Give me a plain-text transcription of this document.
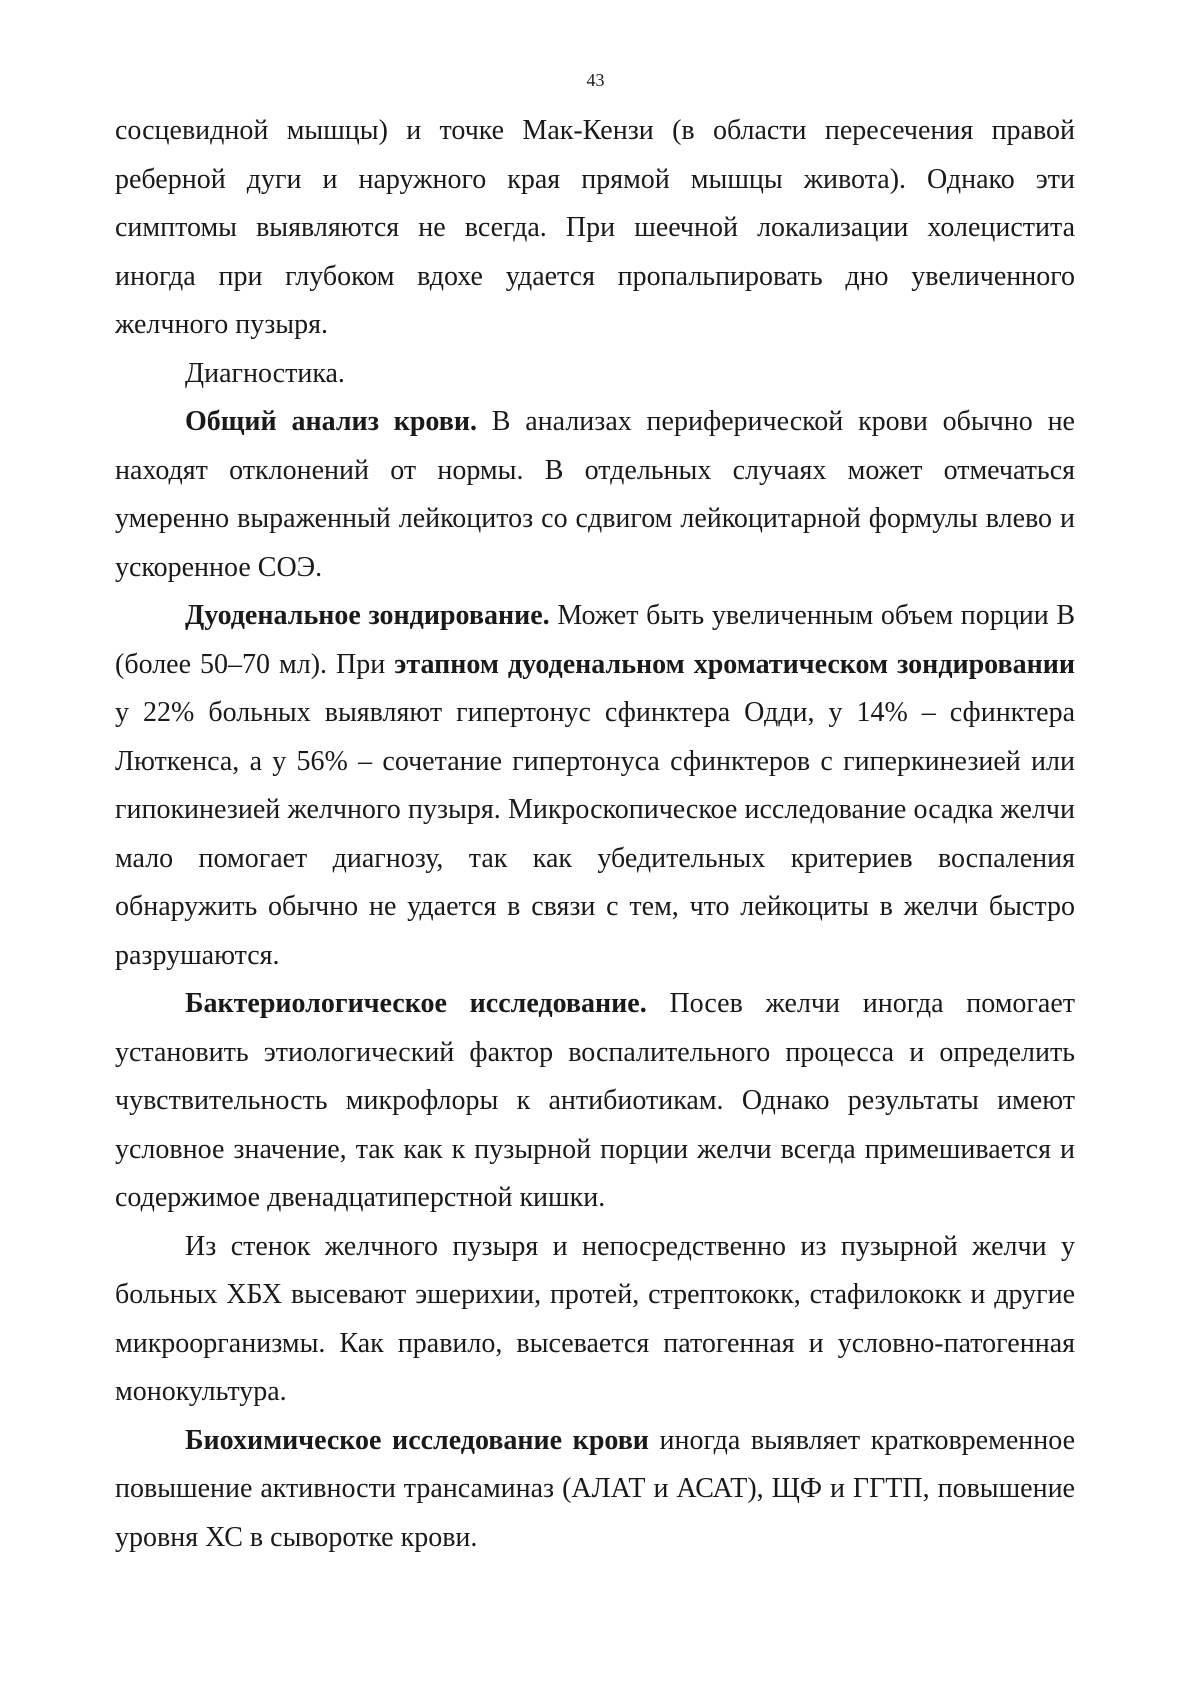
43

сосцевидной мышцы) и точке Мак-Кензи (в области пересечения правой реберной дуги и наружного края прямой мышцы живота). Однако эти симптомы выявляются не всегда. При шеечной локализации холецистита иногда при глубоком вдохе удается пропальпировать дно увеличенного желчного пузыря.

Диагностика.

Общий анализ крови. В анализах периферической крови обычно не находят отклонений от нормы. В отдельных случаях может отмечаться умеренно выраженный лейкоцитоз со сдвигом лейкоцитарной формулы влево и ускоренное СОЭ.

Дуоденальное зондирование. Может быть увеличенным объем порции В (более 50–70 мл). При этапном дуоденальном хроматическом зондировании у 22% больных выявляют гипертонус сфинктера Одди, у 14% – сфинктера Люткенса, а у 56% – сочетание гипертонуса сфинктеров с гиперкинезией или гипокинезией желчного пузыря. Микроскопическое исследование осадка желчи мало помогает диагнозу, так как убедительных критериев воспаления обнаружить обычно не удается в связи с тем, что лейкоциты в желчи быстро разрушаются.

Бактериологическое исследование. Посев желчи иногда помогает установить этиологический фактор воспалительного процесса и определить чувствительность микрофлоры к антибиотикам. Однако результаты имеют условное значение, так как к пузырной порции желчи всегда примешивается и содержимое двенадцатиперстной кишки.

Из стенок желчного пузыря и непосредственно из пузырной желчи у больных ХБХ высевают эшерихии, протей, стрептококк, стафилококк и другие микроорганизмы. Как правило, высевается патогенная и условно-патогенная монокультура.

Биохимическое исследование крови иногда выявляет кратковременное повышение активности трансаминаз (АЛАТ и АСАТ), ЩФ и ГГТП, повышение уровня ХС в сыворотке крови.
